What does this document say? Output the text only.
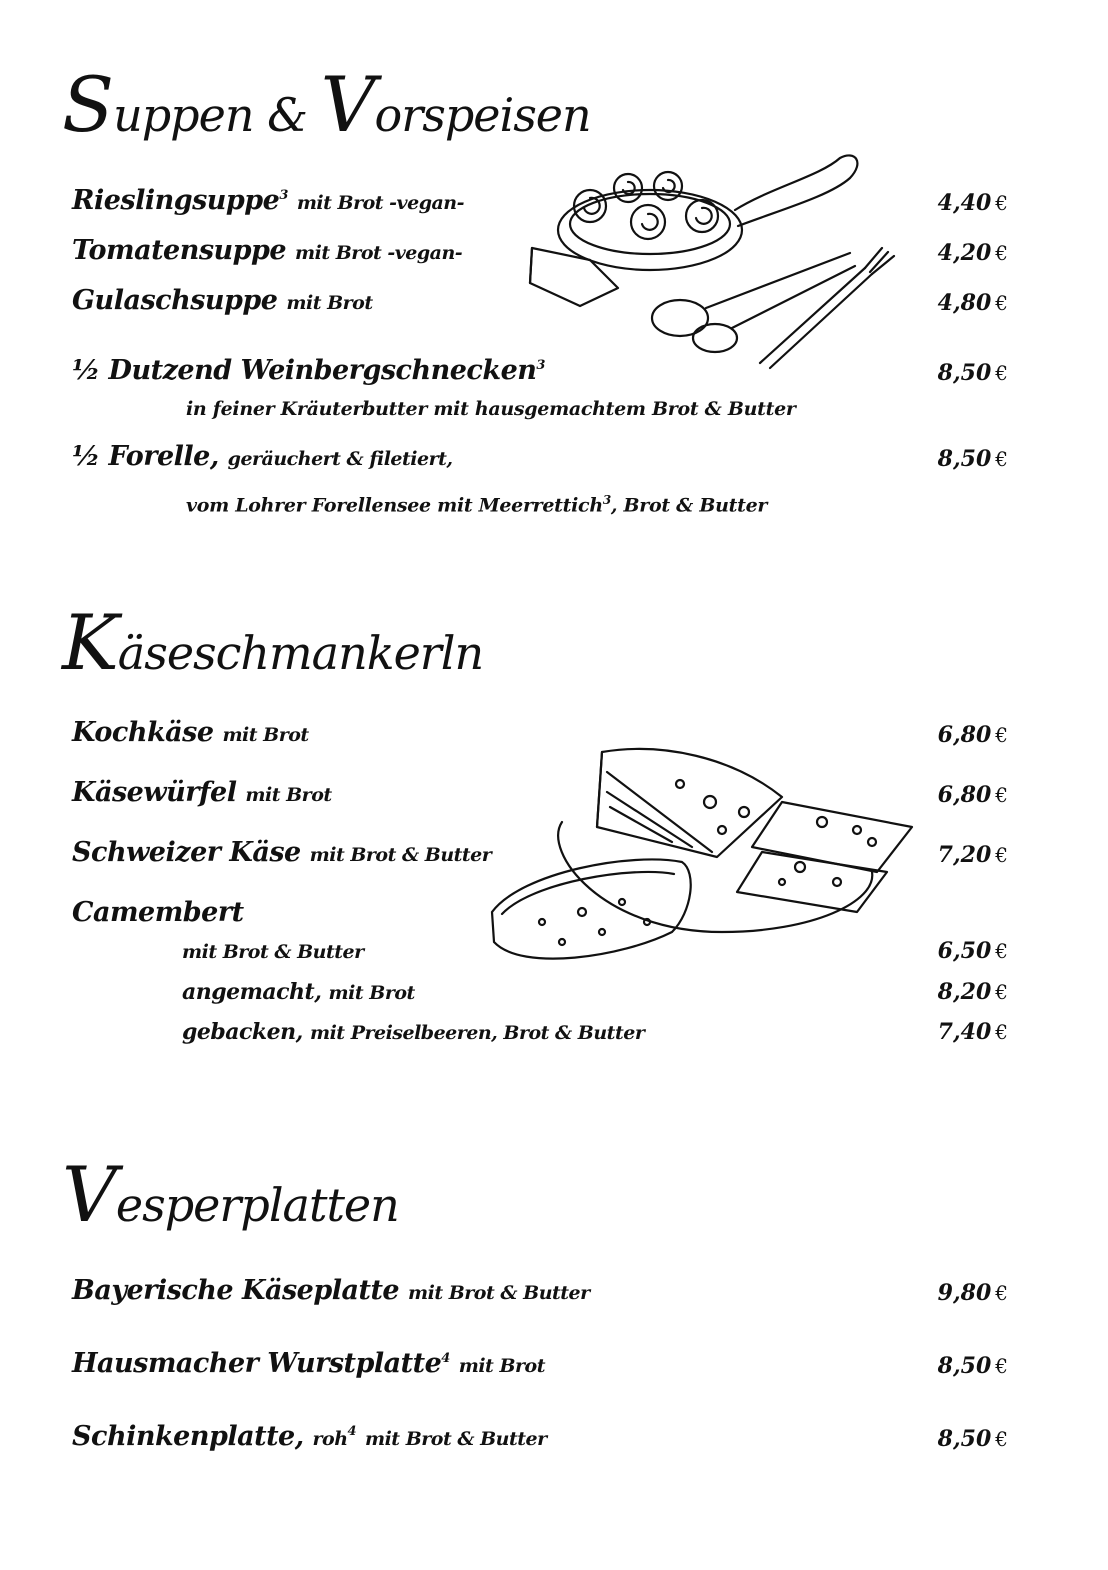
Suppen & Vorspeisen
Rieslingsuppe$^3$ mit Brot -vegan-	4,40 €
Tomatensuppe mit Brot -vegan-	4,20 €
Gulaschsuppe mit Brot	4,80 €
½ Dutzend Weinbergschnecken$^3$	8,50 €
in feiner Kräuterbutter mit hausgemachtem Brot & Butter
½ Forelle, geräuchert & filetiert,	8,50 €
vom Lohrer Forellensee mit Meerrettich$^3$, Brot & Butter
Käseschmankerln
Kochkäse mit Brot	6,80 €
Käsewürfel mit Brot	6,80 €
Schweizer Käse mit Brot & Butter	7,20 €
Camembert
mit Brot & Butter	6,50 €
angemacht, mit Brot	8,20 €
gebacken, mit Preiselbeeren, Brot & Butter	7,40 €
Vesperplatten
Bayerische Käseplatte mit Brot & Butter	9,80 €
Hausmacher Wurstplatte$^4$ mit Brot	8,50 €
Schinkenplatte, roh$^4$ mit Brot & Butter	8,50 €
